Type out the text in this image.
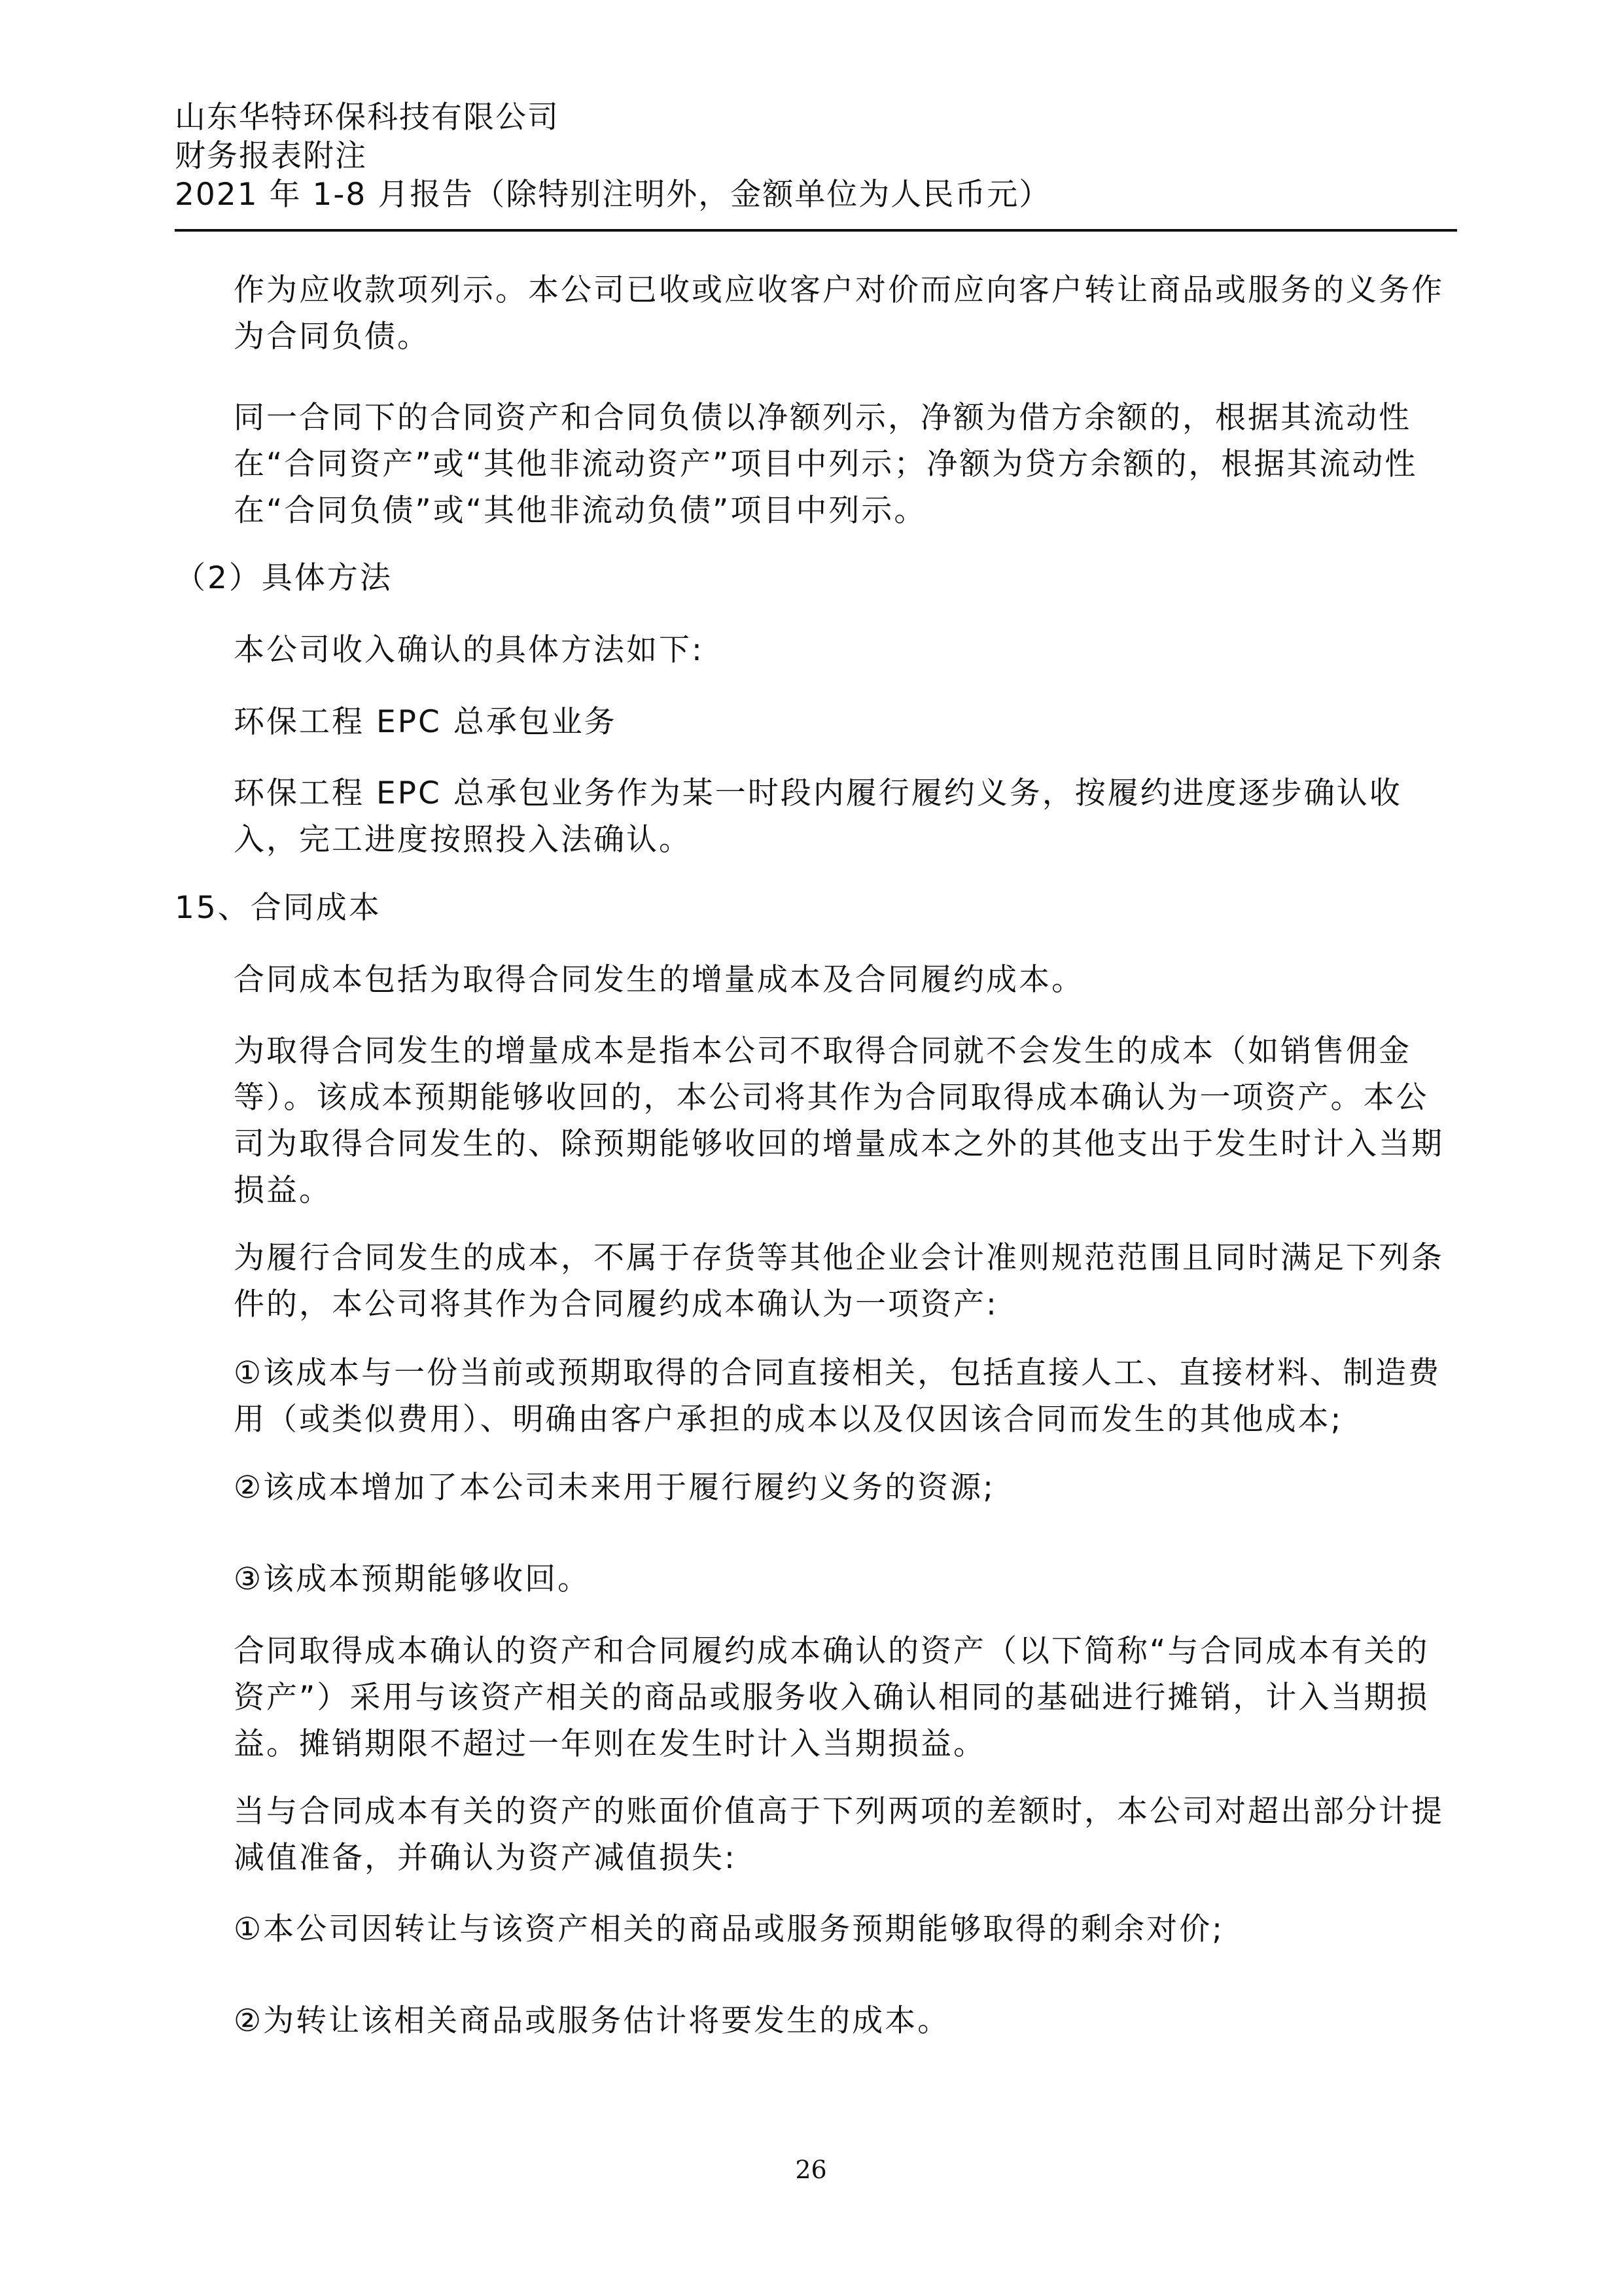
山东华特环保科技有限公司
财务报表附注
2021 年 1-8 月报告（除特别注明外，金额单位为人民币元）

作为应收款项列示。本公司已收或应收客户对价而应向客户转让商品或服务的义务作为合同负债。

同一合同下的合同资产和合同负债以净额列示，净额为借方余额的，根据其流动性在“合同资产”或“其他非流动资产”项目中列示；净额为贷方余额的，根据其流动性在“合同负债”或“其他非流动负债”项目中列示。

（2）具体方法

本公司收入确认的具体方法如下:

环保工程 EPC 总承包业务

环保工程 EPC 总承包业务作为某一时段内履行履约义务，按履约进度逐步确认收入，完工进度按照投入法确认。

15、合同成本

合同成本包括为取得合同发生的增量成本及合同履约成本。

为取得合同发生的增量成本是指本公司不取得合同就不会发生的成本（如销售佣金等）。该成本预期能够收回的，本公司将其作为合同取得成本确认为一项资产。本公司为取得合同发生的、除预期能够收回的增量成本之外的其他支出于发生时计入当期损益。

为履行合同发生的成本，不属于存货等其他企业会计准则规范范围且同时满足下列条件的，本公司将其作为合同履约成本确认为一项资产:

①该成本与一份当前或预期取得的合同直接相关，包括直接人工、直接材料、制造费用（或类似费用）、明确由客户承担的成本以及仅因该合同而发生的其他成本;

②该成本增加了本公司未来用于履行履约义务的资源;

③该成本预期能够收回。

合同取得成本确认的资产和合同履约成本确认的资产（以下简称“与合同成本有关的资产”）采用与该资产相关的商品或服务收入确认相同的基础进行摊销，计入当期损益。摊销期限不超过一年则在发生时计入当期损益。

当与合同成本有关的资产的账面价值高于下列两项的差额时，本公司对超出部分计提减值准备，并确认为资产减值损失:

①本公司因转让与该资产相关的商品或服务预期能够取得的剩余对价;

②为转让该相关商品或服务估计将要发生的成本。

26
